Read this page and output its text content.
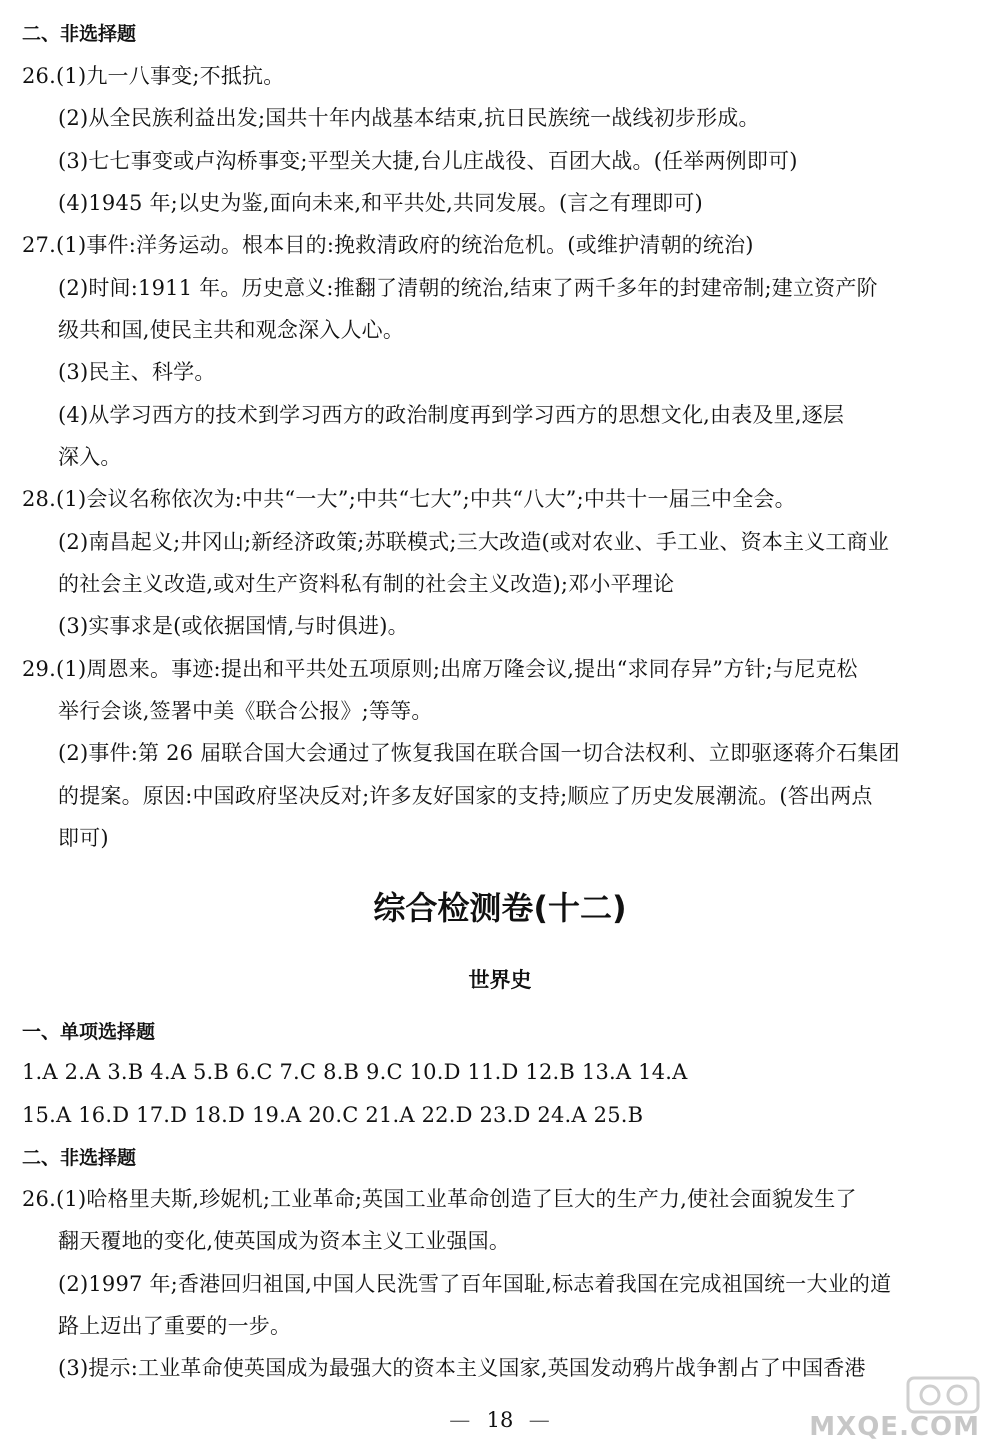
二、非选择题
26.(1)九一八事变;不抵抗。
(2)从全民族利益出发;国共十年内战基本结束,抗日民族统一战线初步形成。
(3)七七事变或卢沟桥事变;平型关大捷,台儿庄战役、百团大战。(任举两例即可)
(4)1945 年;以史为鉴,面向未来,和平共处,共同发展。(言之有理即可)
27.(1)事件:洋务运动。根本目的:挽救清政府的统治危机。(或维护清朝的统治)
(2)时间:1911 年。历史意义:推翻了清朝的统治,结束了两千多年的封建帝制;建立资产阶
级共和国,使民主共和观念深入人心。
(3)民主、科学。
(4)从学习西方的技术到学习西方的政治制度再到学习西方的思想文化,由表及里,逐层
深入。
28.(1)会议名称依次为:中共“一大”;中共“七大”;中共“八大”;中共十一届三中全会。
(2)南昌起义;井冈山;新经济政策;苏联模式;三大改造(或对农业、手工业、资本主义工商业
的社会主义改造,或对生产资料私有制的社会主义改造);邓小平理论
(3)实事求是(或依据国情,与时俱进)。
29.(1)周恩来。事迹:提出和平共处五项原则;出席万隆会议,提出“求同存异”方针;与尼克松
举行会谈,签署中美《联合公报》;等等。
(2)事件:第 26 届联合国大会通过了恢复我国在联合国一切合法权利、立即驱逐蒋介石集团
的提案。原因:中国政府坚决反对;许多友好国家的支持;顺应了历史发展潮流。(答出两点
即可)
综合检测卷(十二)
世界史
一、单项选择题
1.A 2.A 3.B 4.A 5.B 6.C 7.C 8.B 9.C 10.D 11.D 12.B 13.A 14.A
15.A 16.D 17.D 18.D 19.A 20.C 21.A 22.D 23.D 24.A 25.B
二、非选择题
26.(1)哈格里夫斯,珍妮机;工业革命;英国工业革命创造了巨大的生产力,使社会面貌发生了
翻天覆地的变化,使英国成为资本主义工业强国。
(2)1997 年;香港回归祖国,中国人民洗雪了百年国耻,标志着我国在完成祖国统一大业的道
路上迈出了重要的一步。
(3)提示:工业革命使英国成为最强大的资本主义国家,英国发动鸦片战争割占了中国香港
—  18  —	MXQE.COM
